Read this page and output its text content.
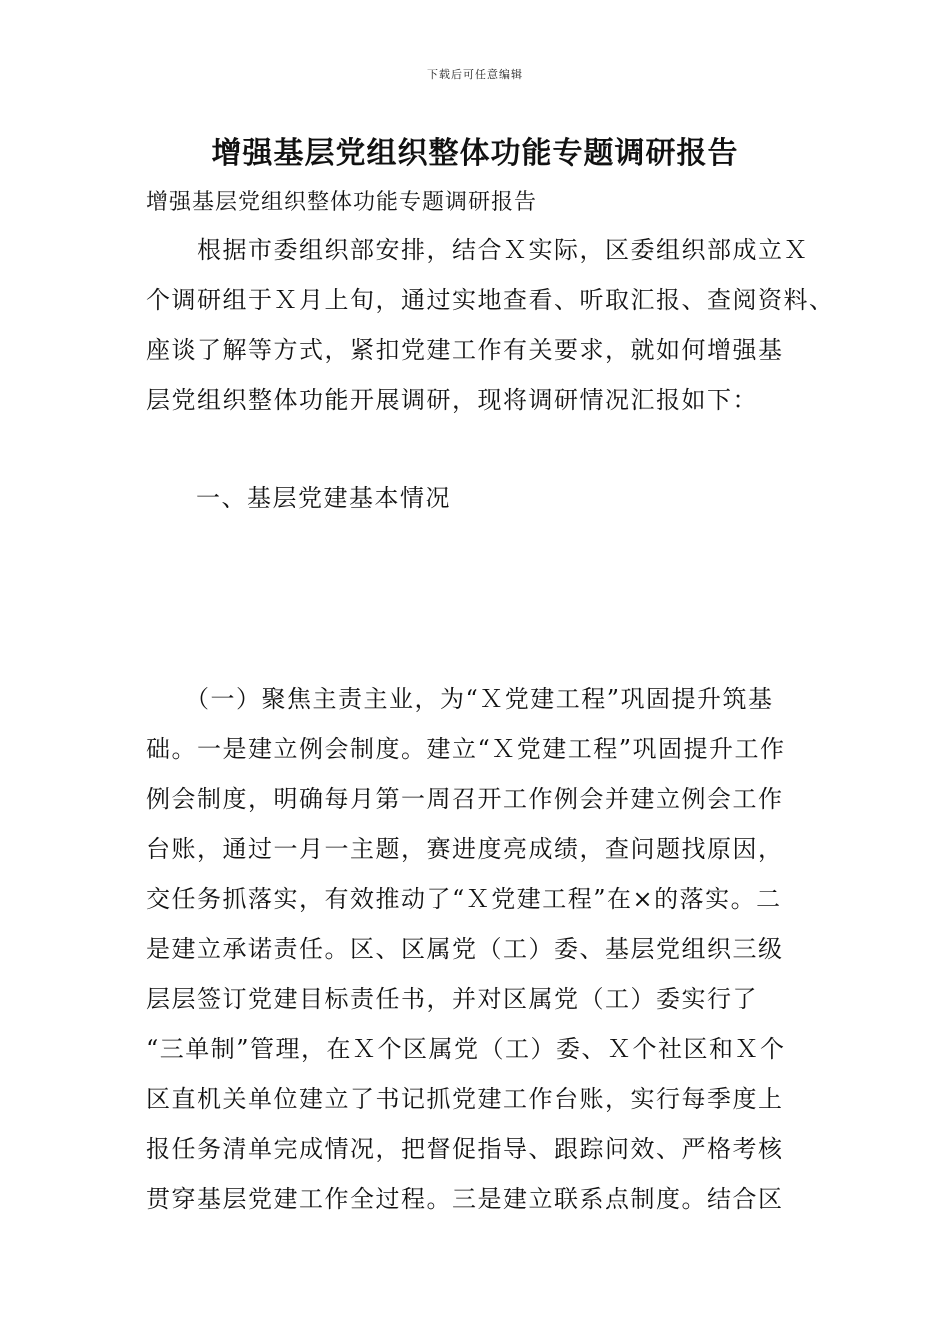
下载后可任意编辑
增强基层党组织整体功能专题调研报告
增强基层党组织整体功能专题调研报告
　　根据市委组织部安排，结合Ｘ实际，区委组织部成立Ｘ
个调研组于Ｘ月上旬，通过实地查看、听取汇报、查阅资料、
座谈了解等方式，紧扣党建工作有关要求，就如何增强基
层党组织整体功能开展调研，现将调研情况汇报如下：
一、基层党建基本情况
　　（一）聚焦主责主业，为“Ｘ党建工程”巩固提升筑基
础。一是建立例会制度。建立“Ｘ党建工程”巩固提升工作
例会制度，明确每月第一周召开工作例会并建立例会工作
台账，通过一月一主题，赛进度亮成绩，查问题找原因，
交任务抓落实，有效推动了“Ｘ党建工程”在×的落实。二
是建立承诺责任。区、区属党（工）委、基层党组织三级
层层签订党建目标责任书，并对区属党（工）委实行了
“三单制”管理，在Ｘ个区属党（工）委、Ｘ个社区和Ｘ个
区直机关单位建立了书记抓党建工作台账，实行每季度上
报任务清单完成情况，把督促指导、跟踪问效、严格考核
贯穿基层党建工作全过程。三是建立联系点制度。结合区
